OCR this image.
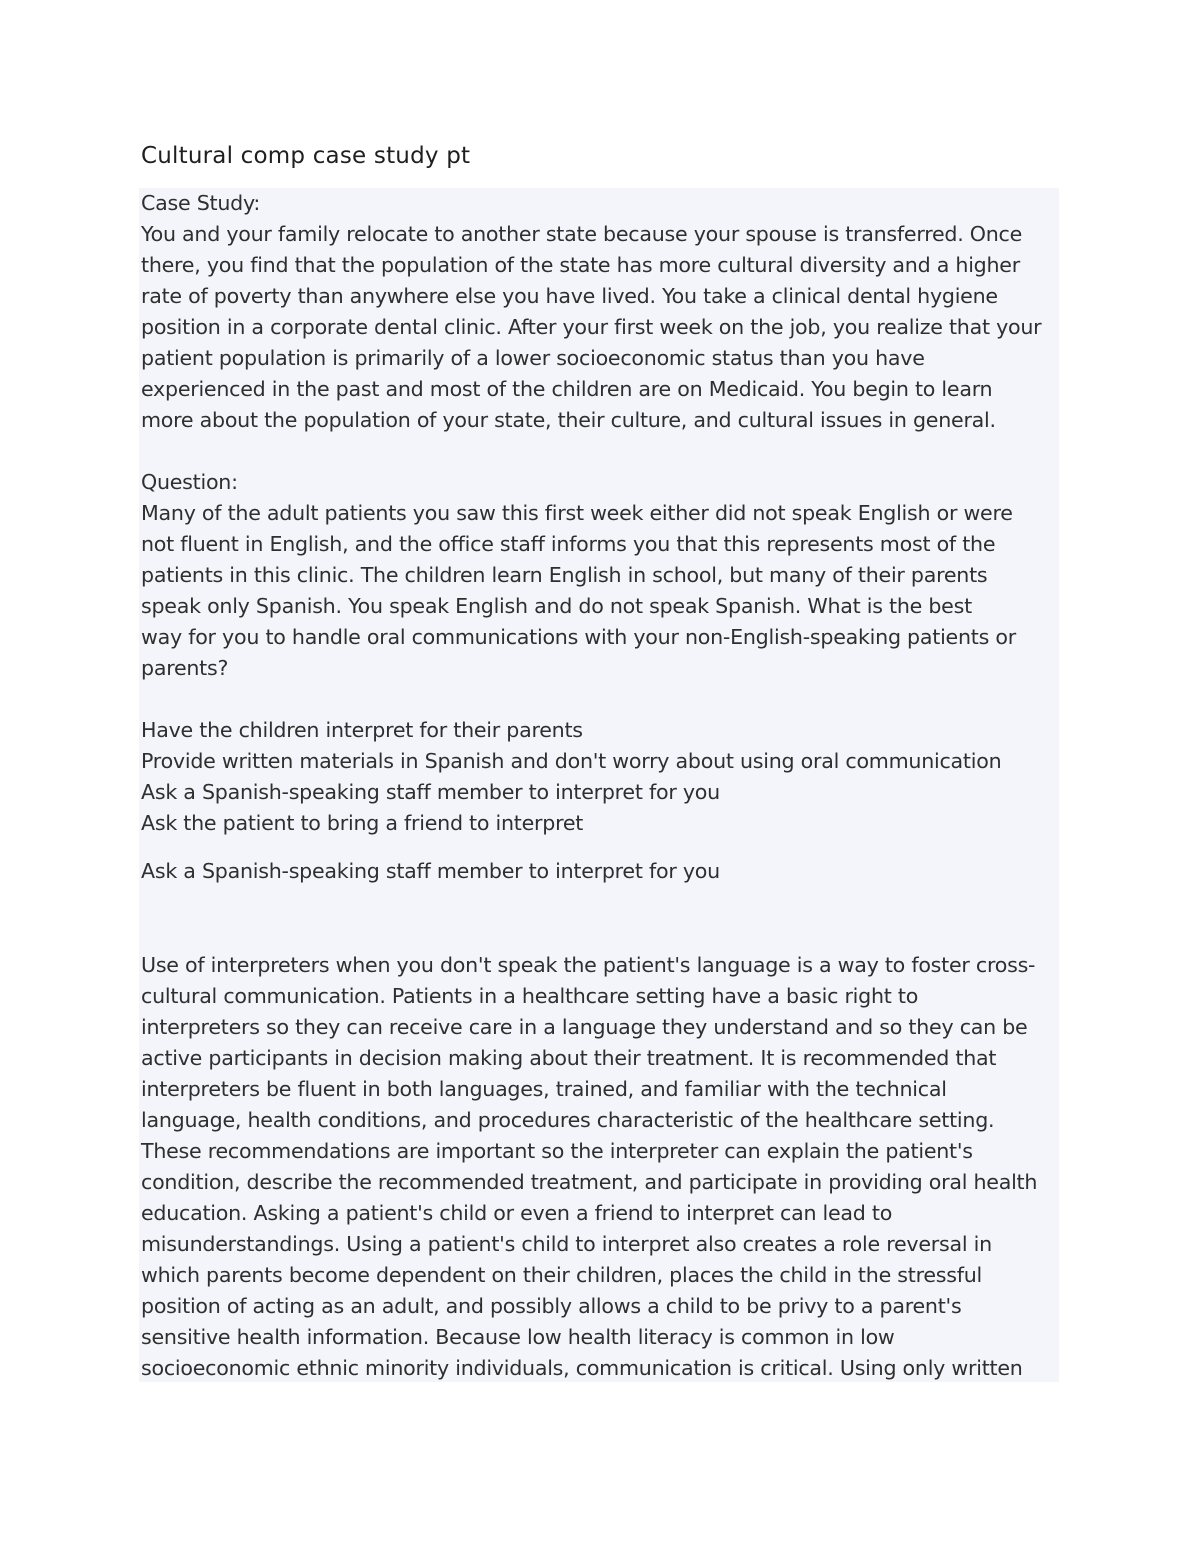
Cultural comp case study pt
Case Study:
You and your family relocate to another state because your spouse is transferred. Once
there, you find that the population of the state has more cultural diversity and a higher
rate of poverty than anywhere else you have lived. You take a clinical dental hygiene
position in a corporate dental clinic. After your first week on the job, you realize that your
patient population is primarily of a lower socioeconomic status than you have
experienced in the past and most of the children are on Medicaid. You begin to learn
more about the population of your state, their culture, and cultural issues in general.
Question:
Many of the adult patients you saw this first week either did not speak English or were
not fluent in English, and the office staff informs you that this represents most of the
patients in this clinic. The children learn English in school, but many of their parents
speak only Spanish. You speak English and do not speak Spanish. What is the best
way for you to handle oral communications with your non-English-speaking patients or
parents?
Have the children interpret for their parents
Provide written materials in Spanish and don't worry about using oral communication
Ask a Spanish-speaking staff member to interpret for you
Ask the patient to bring a friend to interpret
Ask a Spanish-speaking staff member to interpret for you
Use of interpreters when you don't speak the patient's language is a way to foster cross-
cultural communication. Patients in a healthcare setting have a basic right to
interpreters so they can receive care in a language they understand and so they can be
active participants in decision making about their treatment. It is recommended that
interpreters be fluent in both languages, trained, and familiar with the technical
language, health conditions, and procedures characteristic of the healthcare setting.
These recommendations are important so the interpreter can explain the patient's
condition, describe the recommended treatment, and participate in providing oral health
education. Asking a patient's child or even a friend to interpret can lead to
misunderstandings. Using a patient's child to interpret also creates a role reversal in
which parents become dependent on their children, places the child in the stressful
position of acting as an adult, and possibly allows a child to be privy to a parent's
sensitive health information. Because low health literacy is common in low
socioeconomic ethnic minority individuals, communication is critical. Using only written
